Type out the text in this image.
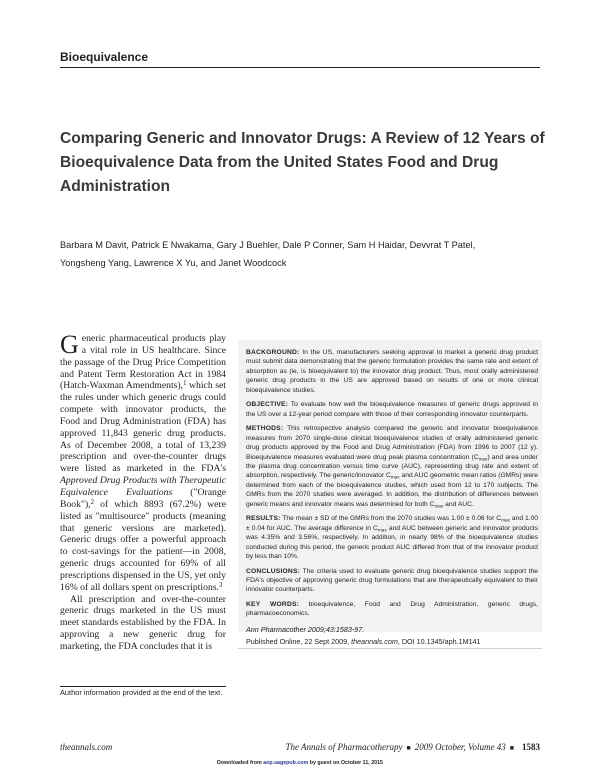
Bioequivalence
Comparing Generic and Innovator Drugs: A Review of 12 Years of Bioequivalence Data from the United States Food and Drug Administration
Barbara M Davit, Patrick E Nwakama, Gary J Buehler, Dale P Conner, Sam H Haidar, Devvrat T Patel,
Yongsheng Yang, Lawrence X Yu, and Janet Woodcock

G eneric pharmaceutical products play a vital role in US healthcare. Since the passage of the Drug Price Competition and Patent Term Restoration Act in 1984 (Hatch-Waxman Amendments),$^1$ which set the rules under which generic drugs could compete with innovator products, the Food and Drug Administration (FDA) has approved 11,843 generic drug products. As of December 2008, a total of 13,239 prescription and over-the-counter drugs were listed as marketed in the FDA's Approved Drug Products with Therapeutic Equivalence Evaluations ("Orange Book"),$^2$ of which 8893 (67.2%) were listed as "multisource" products (meaning that generic versions are marketed). Generic drugs offer a powerful approach to cost-savings for the patient—in 2008, generic drugs accounted for 69% of all prescriptions dispensed in the US, yet only 16% of all dollars spent on prescriptions.$^3$

All prescription and over-the-counter generic drugs marketed in the US must meet standards established by the FDA. In approving a new generic drug for marketing, the FDA concludes that it is

BACKGROUND: In the US, manufacturers seeking approval to market a generic drug product must submit data demonstrating that the generic formulation provides the same rate and extent of absorption as (ie, is bioequivalent to) the innovator drug product. Thus, most orally administered generic drug products in the US are approved based on results of one or more clinical bioequivalence studies.

OBJECTIVE: To evaluate how well the bioequivalence measures of generic drugs approved in the US over a 12-year period compare with those of their corresponding innovator counterparts.

METHODS: This retrospective analysis compared the generic and innovator bioequivalence measures from 2070 single-dose clinical bioequivalence studies of orally administered generic drug products approved by the Food and Drug Administration (FDA) from 1996 to 2007 (12 y). Bioequivalence measures evaluated were drug peak plasma concentration $(C_{max})$ and area under the plasma drug concentration versus time curve (AUC), representing drug rate and extent of absorption, respectively. The generic/innovator $C_{max}$ and AUC geometric mean ratios (GMRs) were determined from each of the bioequivalence studies, which used from 12 to 170 subjects. The GMRs from the 2070 studies were averaged. In addition, the distribution of differences between generic means and innovator means was determined for both $C_{max}$ and AUC.

RESULTS: The mean ± SD of the GMRs from the 2070 studies was 1.00 ± 0.06 for $C_{max}$ and 1.00 ± 0.04 for AUC. The average difference in $C_{max}$ and AUC between generic and innovator products was 4.35% and 3.56%, respectively. In addition, in nearly 98% of the bioequivalence studies conducted during this period, the generic product AUC differed from that of the innovator product by less than 10%.

CONCLUSIONS: The criteria used to evaluate generic drug bioequivalence studies support the FDA's objective of approving generic drug formulations that are therapeutically equivalent to their innovator counterparts.

KEY WORDS: bioequivalence, Food and Drug Administration, generic drugs, pharmacoeconomics.

Ann Pharmacother 2009;43:1583-97.

Published Online, 22 Sept 2009, theannals.com, DOI 10.1345/aph.1M141

Author information provided at the end of the text.
theannals.com	The Annals of Pharmacotherapy ■ 2009 October, Volume 43 ■ 1583
Downloaded from aop.sagepub.com by guest on October 11, 2015
